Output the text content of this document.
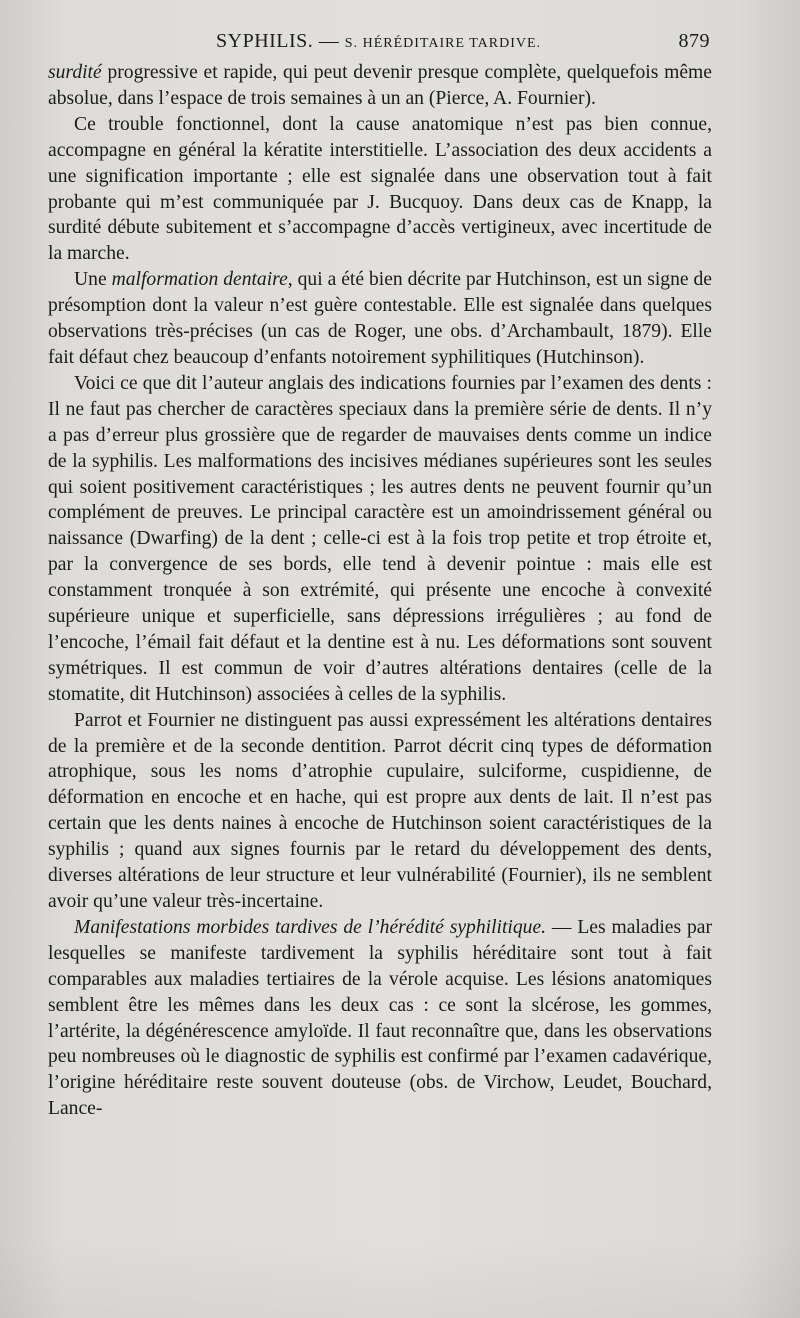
SYPHILIS. — S. HÉRÉDITAIRE TARDIVE.	879

surdité progressive et rapide, qui peut devenir presque complète, quelquefois même absolue, dans l’espace de trois semaines à un an (Pierce, A. Fournier).

Ce trouble fonctionnel, dont la cause anatomique n’est pas bien connue, accompagne en général la kératite interstitielle. L’association des deux accidents a une signification importante ; elle est signalée dans une observation tout à fait probante qui m’est communiquée par J. Bucquoy. Dans deux cas de Knapp, la surdité débute subitement et s’accompagne d’accès vertigineux, avec incertitude de la marche.

Une malformation dentaire, qui a été bien décrite par Hutchinson, est un signe de présomption dont la valeur n’est guère contestable. Elle est signalée dans quelques observations très-précises (un cas de Roger, une obs. d’Archambault, 1879). Elle fait défaut chez beaucoup d’enfants notoirement syphilitiques (Hutchinson).

Voici ce que dit l’auteur anglais des indications fournies par l’examen des dents : Il ne faut pas chercher de caractères speciaux dans la première série de dents. Il n’y a pas d’erreur plus grossière que de regarder de mauvaises dents comme un indice de la syphilis. Les malformations des incisives médianes supérieures sont les seules qui soient positivement caractéristiques ; les autres dents ne peuvent fournir qu’un complément de preuves. Le principal caractère est un amoindrissement général ou naissance (Dwarfing) de la dent ; celle-ci est à la fois trop petite et trop étroite et, par la convergence de ses bords, elle tend à devenir pointue : mais elle est constamment tronquée à son extrémité, qui présente une encoche à convexité supérieure unique et superficielle, sans dépressions irrégulières ; au fond de l’encoche, l’émail fait défaut et la dentine est à nu. Les déformations sont souvent symétriques. Il est commun de voir d’autres altérations dentaires (celle de la stomatite, dit Hutchinson) associées à celles de la syphilis.

Parrot et Fournier ne distinguent pas aussi expressément les altérations dentaires de la première et de la seconde dentition. Parrot décrit cinq types de déformation atrophique, sous les noms d’atrophie cupulaire, sulciforme, cuspidienne, de déformation en encoche et en hache, qui est propre aux dents de lait. Il n’est pas certain que les dents naines à encoche de Hutchinson soient caractéristiques de la syphilis ; quand aux signes fournis par le retard du développement des dents, diverses altérations de leur structure et leur vulnérabilité (Fournier), ils ne semblent avoir qu’une valeur très-incertaine.

Manifestations morbides tardives de l’hérédité syphilitique. — Les maladies par lesquelles se manifeste tardivement la syphilis héréditaire sont tout à fait comparables aux maladies tertiaires de la vérole acquise. Les lésions anatomiques semblent être les mêmes dans les deux cas : ce sont la slcérose, les gommes, l’artérite, la dégénérescence amyloïde. Il faut reconnaître que, dans les observations peu nombreuses où le diagnostic de syphilis est confirmé par l’examen cadavérique, l’origine héréditaire reste souvent douteuse (obs. de Virchow, Leudet, Bouchard, Lance-
